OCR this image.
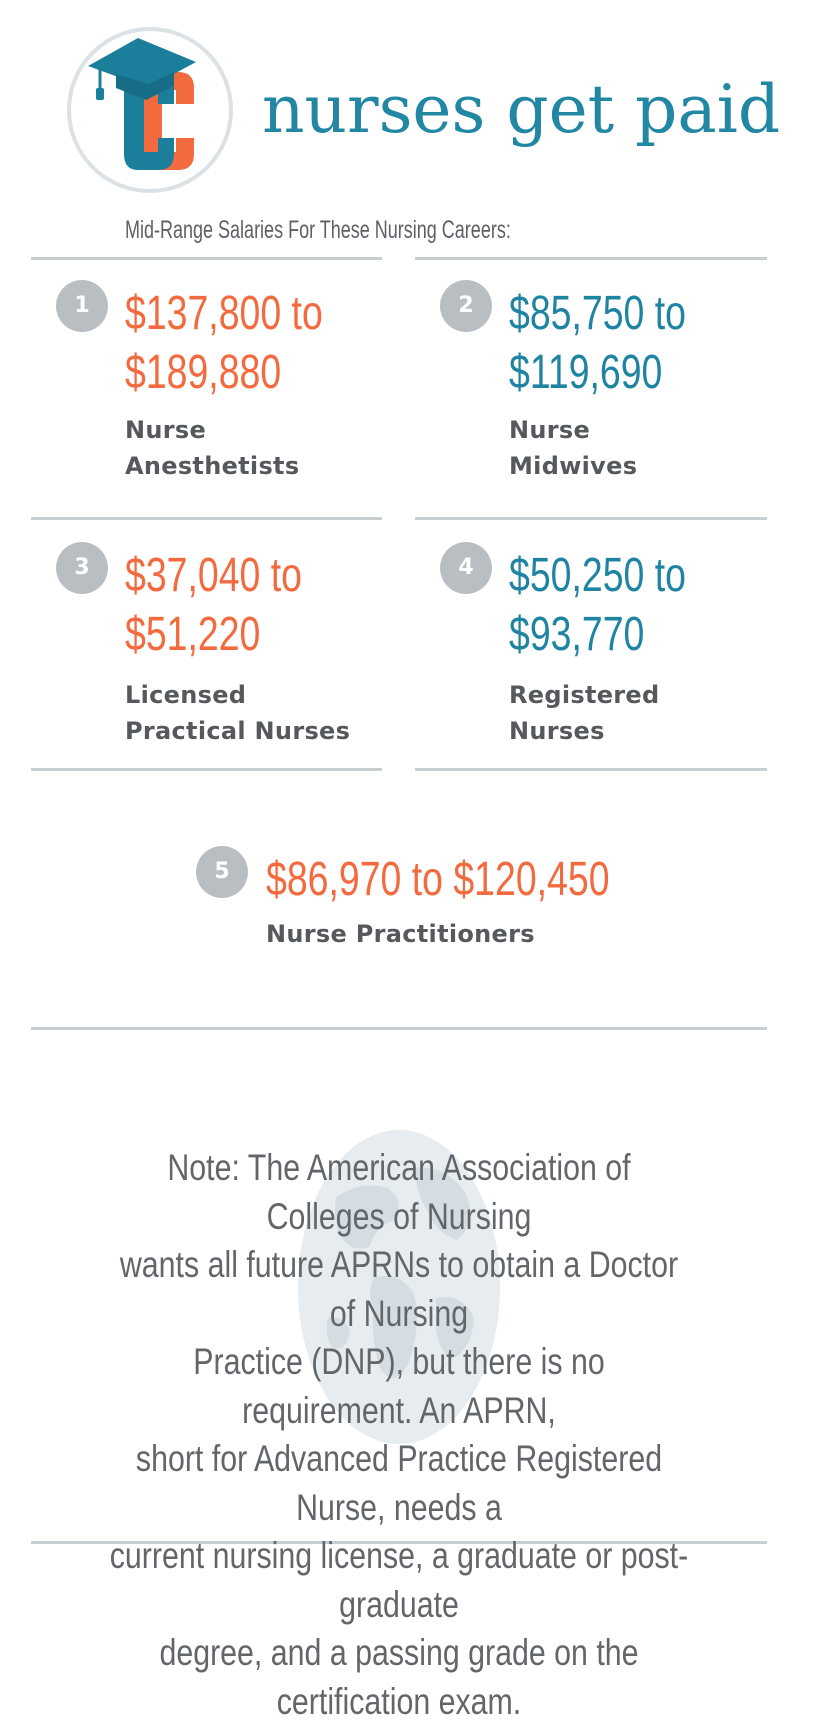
nurses get paid

Mid-Range Salaries For These Nursing Careers:

1 $137,800 to
$189,880
Nurse
Anesthetists
2 $85,750 to
$119,690
Nurse
Midwives
3 $37,040 to
$51,220
Licensed
Practical Nurses
4 $50,250 to
$93,770
Registered
Nurses
5 $86,970 to $120,450
Nurse Practitioners

Note: The American Association of Colleges of Nursing
wants all future APRNs to obtain a Doctor of Nursing
Practice (DNP), but there is no requirement. An APRN,
short for Advanced Practice Registered Nurse, needs a
current nursing license, a graduate or post-graduate
degree, and a passing grade on the certification exam.
